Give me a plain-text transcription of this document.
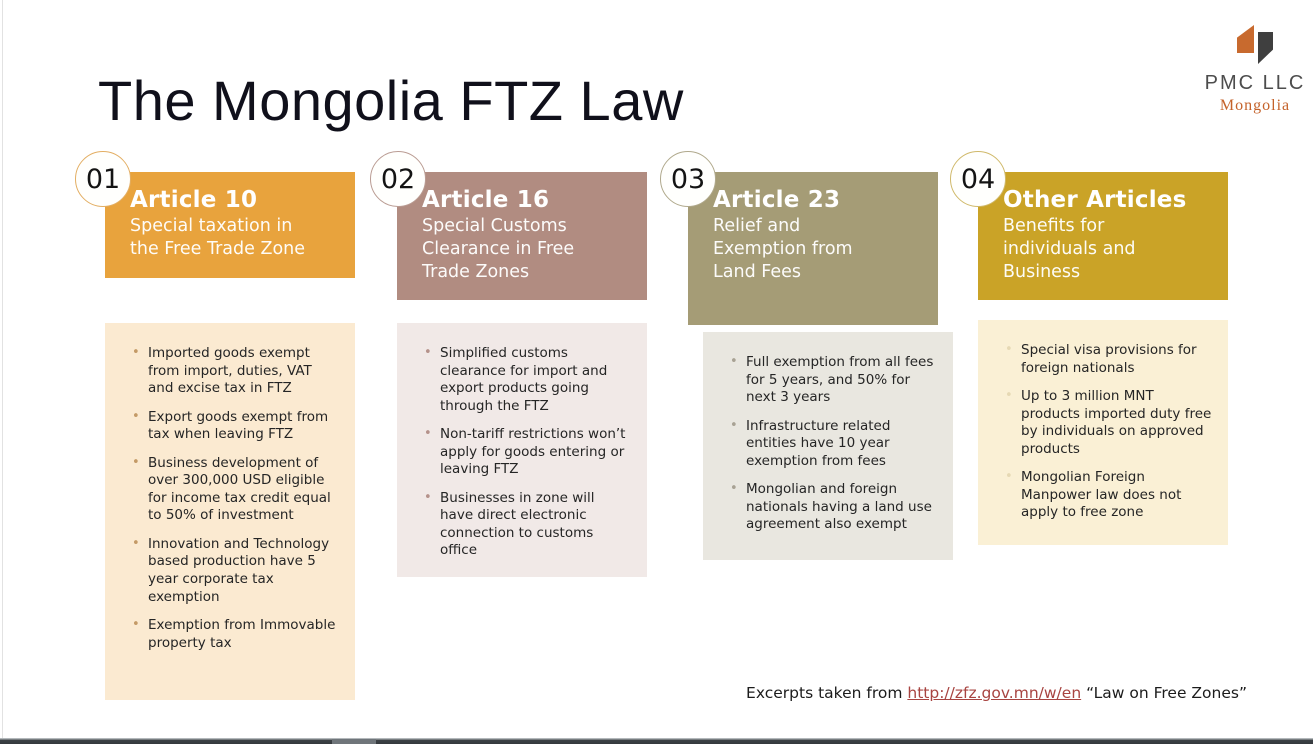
The Mongolia FTZ Law	PMC LLC
Mongolia
01
Article 10
Special taxation in the Free Trade Zone
• Imported goods exempt from import, duties, VAT and excise tax in FTZ
• Export goods exempt from tax when leaving FTZ
• Business development of over 300,000 USD eligible for income tax credit equal to 50% of investment
• Innovation and Technology based production have 5 year corporate tax exemption
• Exemption from Immovable property tax
02
Article 16
Special Customs Clearance in Free Trade Zones
• Simplified customs clearance for import and export products going through the FTZ
• Non-tariff restrictions won’t apply for goods entering or leaving FTZ
• Businesses in zone will have direct electronic connection to customs office
03
Article 23
Relief and Exemption from Land Fees
• Full exemption from all fees for 5 years, and 50% for next 3 years
• Infrastructure related entities have 10 year exemption from fees
• Mongolian and foreign nationals having a land use agreement also exempt
04
Other Articles
Benefits for individuals and Business
• Special visa provisions for foreign nationals
• Up to 3 million MNT products imported duty free by individuals on approved products
• Mongolian Foreign Manpower law does not apply to free zone
Excerpts taken from http://zfz.gov.mn/w/en “Law on Free Zones”
